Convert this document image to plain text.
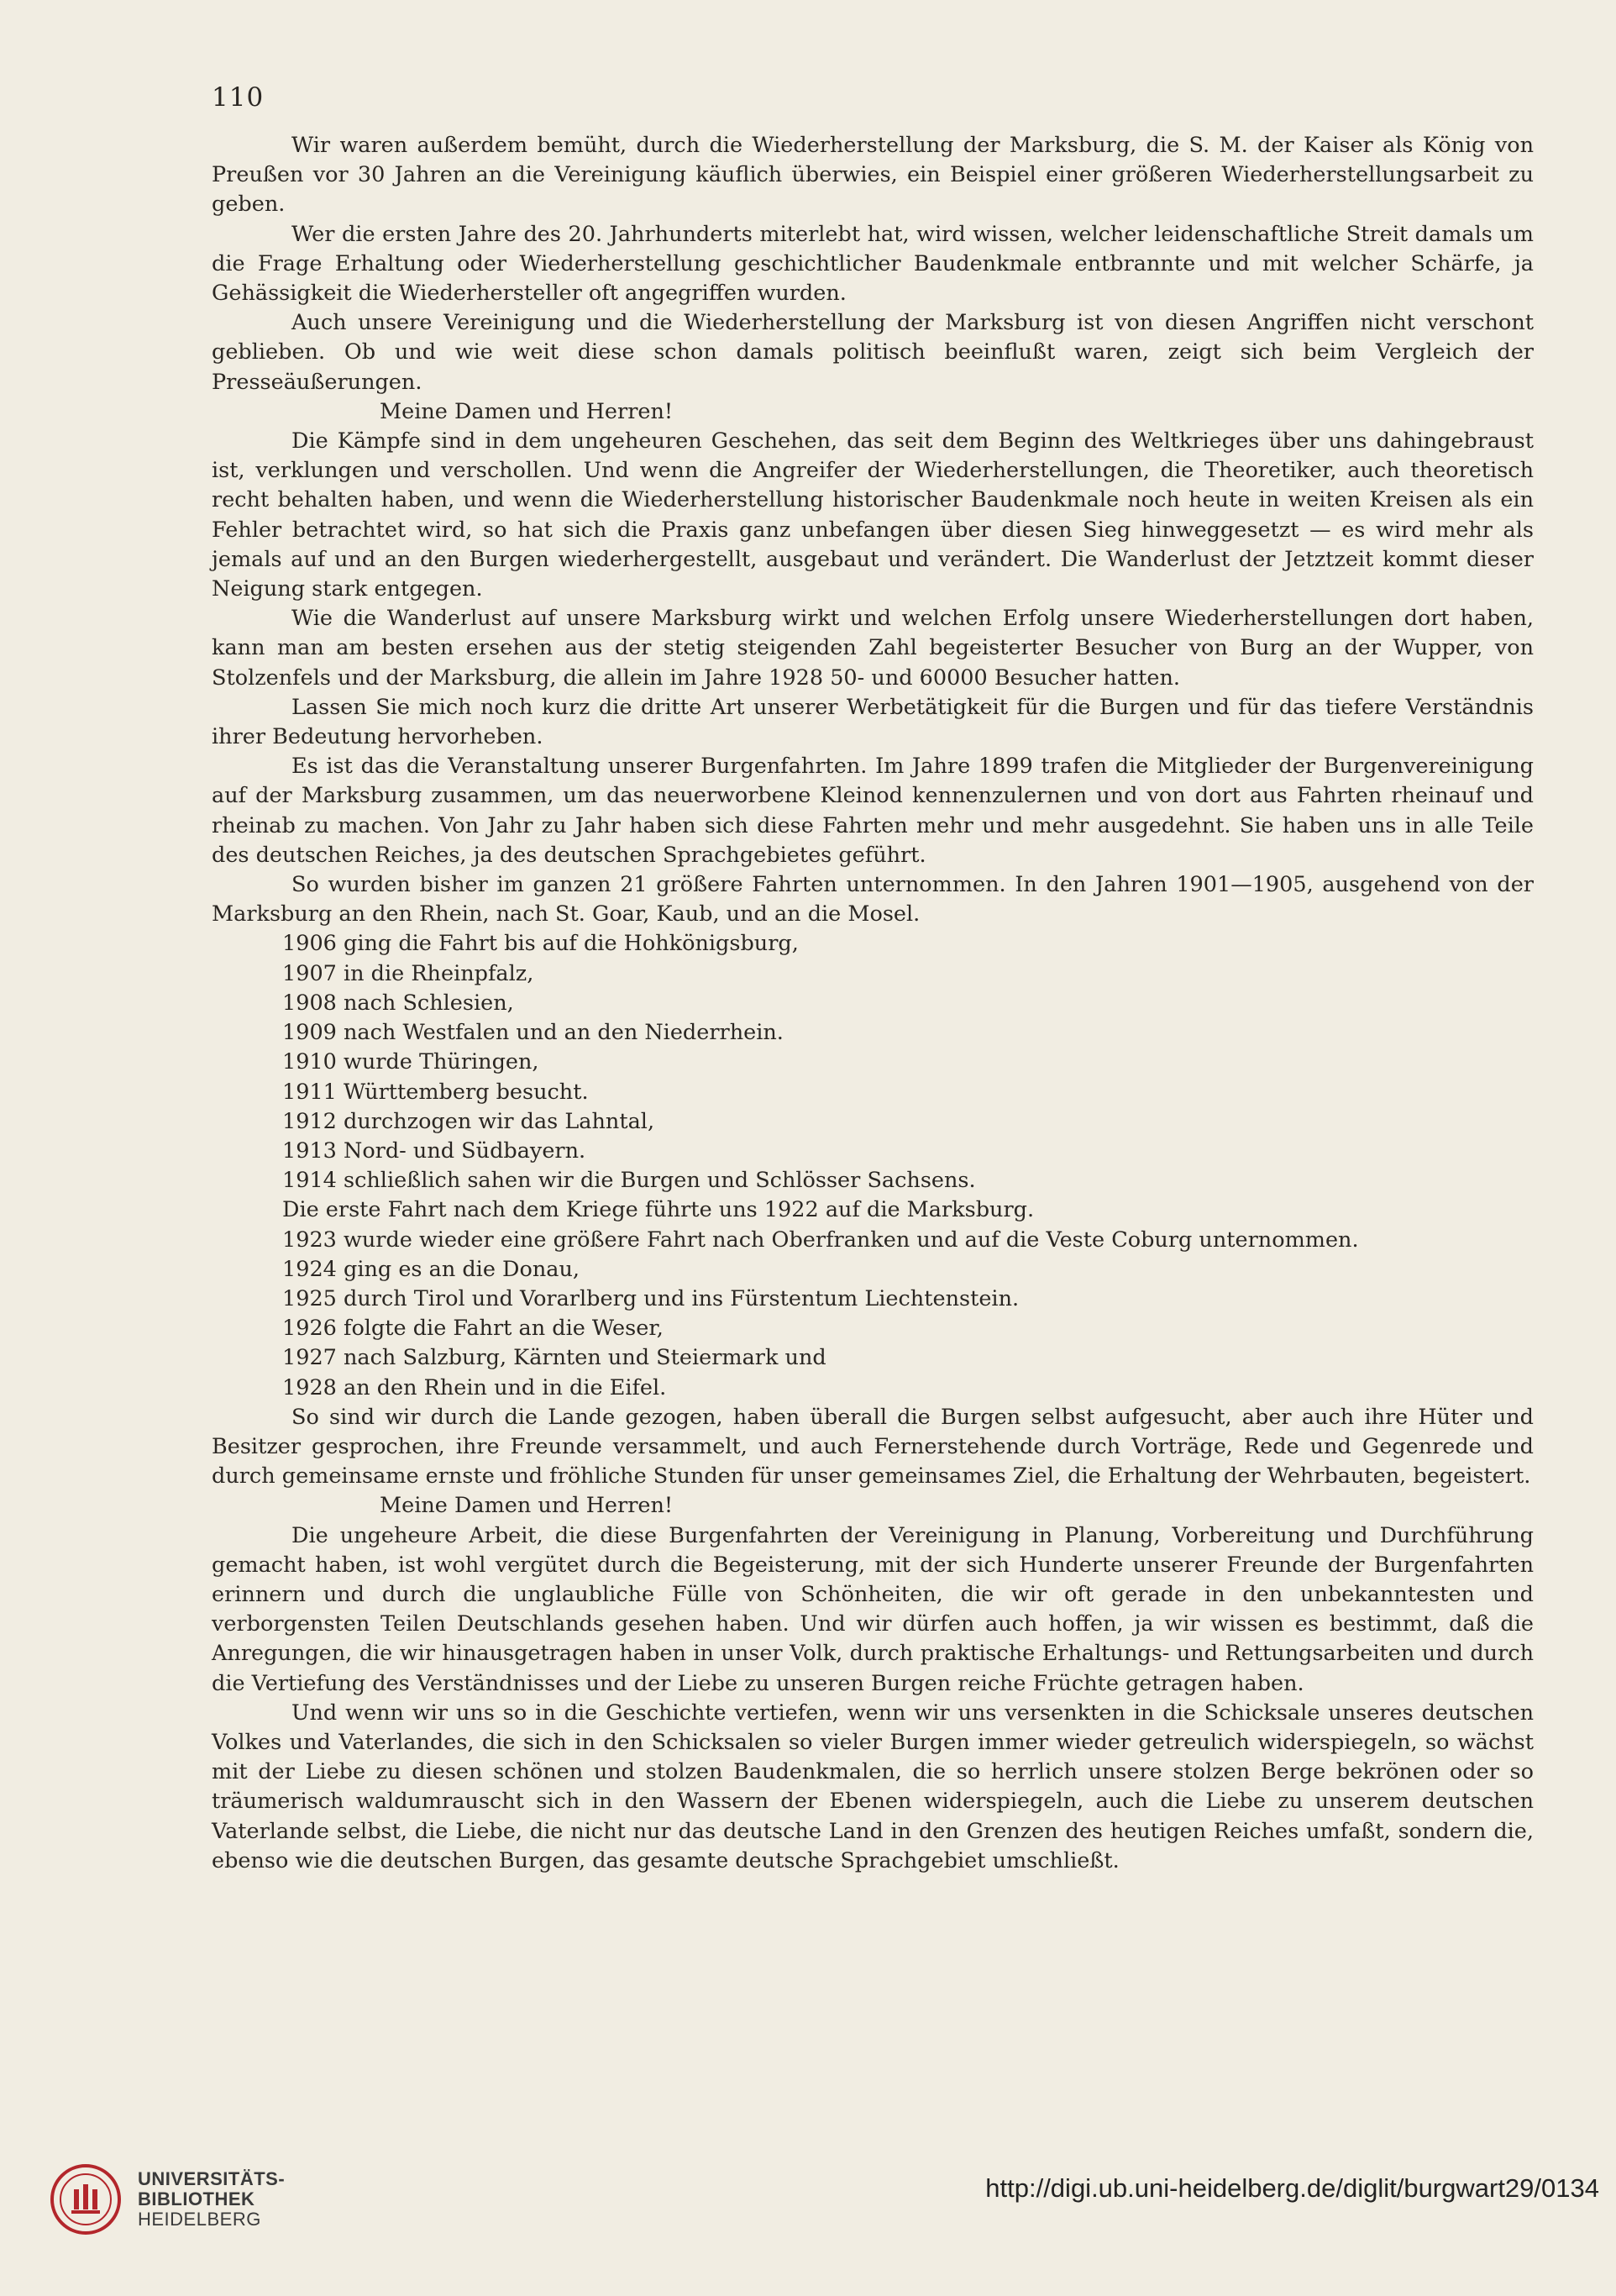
110

Wir waren außerdem bemüht, durch die Wiederherstellung der Marksburg, die S. M. der Kaiser als König von Preußen vor 30 Jahren an die Vereinigung käuflich überwies, ein Beispiel einer größeren Wiederherstellungsarbeit zu geben.

Wer die ersten Jahre des 20. Jahrhunderts miterlebt hat, wird wissen, welcher leidenschaftliche Streit damals um die Frage Erhaltung oder Wiederherstellung geschichtlicher Baudenkmale entbrannte und mit welcher Schärfe, ja Gehässigkeit die Wiederhersteller oft angegriffen wurden.

Auch unsere Vereinigung und die Wiederherstellung der Marksburg ist von diesen Angriffen nicht verschont geblieben. Ob und wie weit diese schon damals politisch beeinflußt waren, zeigt sich beim Vergleich der Presseäußerungen.

Meine Damen und Herren!

Die Kämpfe sind in dem ungeheuren Geschehen, das seit dem Beginn des Weltkrieges über uns dahingebraust ist, verklungen und verschollen. Und wenn die Angreifer der Wiederherstellungen, die Theoretiker, auch theoretisch recht behalten haben, und wenn die Wiederherstellung historischer Baudenkmale noch heute in weiten Kreisen als ein Fehler betrachtet wird, so hat sich die Praxis ganz unbefangen über diesen Sieg hinweggesetzt — es wird mehr als jemals auf und an den Burgen wiederhergestellt, ausgebaut und verändert. Die Wanderlust der Jetztzeit kommt dieser Neigung stark entgegen.

Wie die Wanderlust auf unsere Marksburg wirkt und welchen Erfolg unsere Wiederherstellungen dort haben, kann man am besten ersehen aus der stetig steigenden Zahl begeisterter Besucher von Burg an der Wupper, von Stolzenfels und der Marksburg, die allein im Jahre 1928 50- und 60000 Besucher hatten.

Lassen Sie mich noch kurz die dritte Art unserer Werbetätigkeit für die Burgen und für das tiefere Verständnis ihrer Bedeutung hervorheben.

Es ist das die Veranstaltung unserer Burgenfahrten. Im Jahre 1899 trafen die Mitglieder der Burgenvereinigung auf der Marksburg zusammen, um das neuerworbene Kleinod kennenzulernen und von dort aus Fahrten rheinauf und rheinab zu machen. Von Jahr zu Jahr haben sich diese Fahrten mehr und mehr ausgedehnt. Sie haben uns in alle Teile des deutschen Reiches, ja des deutschen Sprachgebietes geführt.

So wurden bisher im ganzen 21 größere Fahrten unternommen. In den Jahren 1901—1905, ausgehend von der Marksburg an den Rhein, nach St. Goar, Kaub, und an die Mosel.

1906 ging die Fahrt bis auf die Hohkönigsburg,

1907 in die Rheinpfalz,

1908 nach Schlesien,

1909 nach Westfalen und an den Niederrhein.

1910 wurde Thüringen,

1911 Württemberg besucht.

1912 durchzogen wir das Lahntal,

1913 Nord- und Südbayern.

1914 schließlich sahen wir die Burgen und Schlösser Sachsens.

Die erste Fahrt nach dem Kriege führte uns 1922 auf die Marksburg.

1923 wurde wieder eine größere Fahrt nach Oberfranken und auf die Veste Coburg unternommen.

1924 ging es an die Donau,

1925 durch Tirol und Vorarlberg und ins Fürstentum Liechtenstein.

1926 folgte die Fahrt an die Weser,

1927 nach Salzburg, Kärnten und Steiermark und

1928 an den Rhein und in die Eifel.

So sind wir durch die Lande gezogen, haben überall die Burgen selbst aufgesucht, aber auch ihre Hüter und Besitzer gesprochen, ihre Freunde versammelt, und auch Fernerstehende durch Vorträge, Rede und Gegenrede und durch gemeinsame ernste und fröhliche Stunden für unser gemeinsames Ziel, die Erhaltung der Wehrbauten, begeistert.

Meine Damen und Herren!

Die ungeheure Arbeit, die diese Burgenfahrten der Vereinigung in Planung, Vorbereitung und Durchführung gemacht haben, ist wohl vergütet durch die Begeisterung, mit der sich Hunderte unserer Freunde der Burgenfahrten erinnern und durch die unglaubliche Fülle von Schönheiten, die wir oft gerade in den unbekanntesten und verborgensten Teilen Deutschlands gesehen haben. Und wir dürfen auch hoffen, ja wir wissen es bestimmt, daß die Anregungen, die wir hinausgetragen haben in unser Volk, durch praktische Erhaltungs- und Rettungsarbeiten und durch die Vertiefung des Verständnisses und der Liebe zu unseren Burgen reiche Früchte getragen haben.

Und wenn wir uns so in die Geschichte vertiefen, wenn wir uns versenkten in die Schicksale unseres deutschen Volkes und Vaterlandes, die sich in den Schicksalen so vieler Burgen immer wieder getreulich widerspiegeln, so wächst mit der Liebe zu diesen schönen und stolzen Baudenkmalen, die so herrlich unsere stolzen Berge bekrönen oder so träumerisch waldumrauscht sich in den Wassern der Ebenen widerspiegeln, auch die Liebe zu unserem deutschen Vaterlande selbst, die Liebe, die nicht nur das deutsche Land in den Grenzen des heutigen Reiches umfaßt, sondern die, ebenso wie die deutschen Burgen, das gesamte deutsche Sprachgebiet umschließt.

UNIVERSITÄTS-
BIBLIOTHEK
HEIDELBERG
http://digi.ub.uni-heidelberg.de/diglit/burgwart29/0134
